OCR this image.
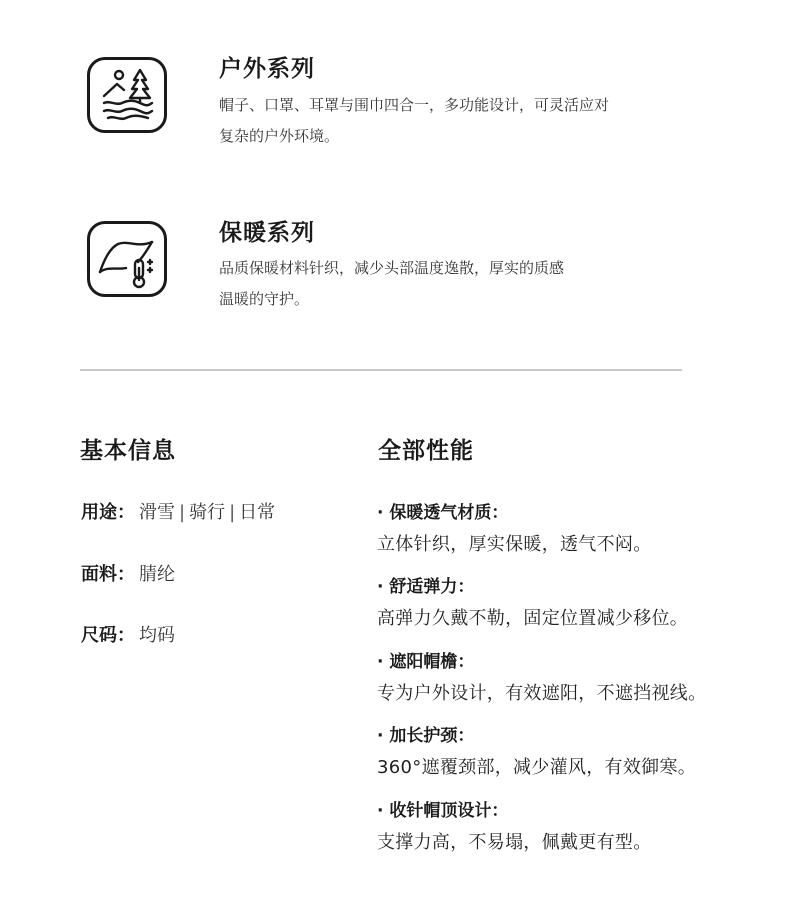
户外系列
帽子、口罩、耳罩与围巾四合一，多功能设计，可灵活应对
复杂的户外环境。
保暖系列
品质保暖材料针织，减少头部温度逸散，厚实的质感
温暖的守护。
基本信息
用途： 滑雪 | 骑行 | 日常
面料： 腈纶
尺码： 均码
全部性能
· 保暖透气材质：
立体针织，厚实保暖，透气不闷。
· 舒适弹力：
高弹力久戴不勒，固定位置减少移位。
· 遮阳帽檐：
专为户外设计，有效遮阳，不遮挡视线。
· 加长护颈：
360°遮覆颈部，减少灌风，有效御寒。
· 收针帽顶设计：
支撑力高，不易塌，佩戴更有型。
